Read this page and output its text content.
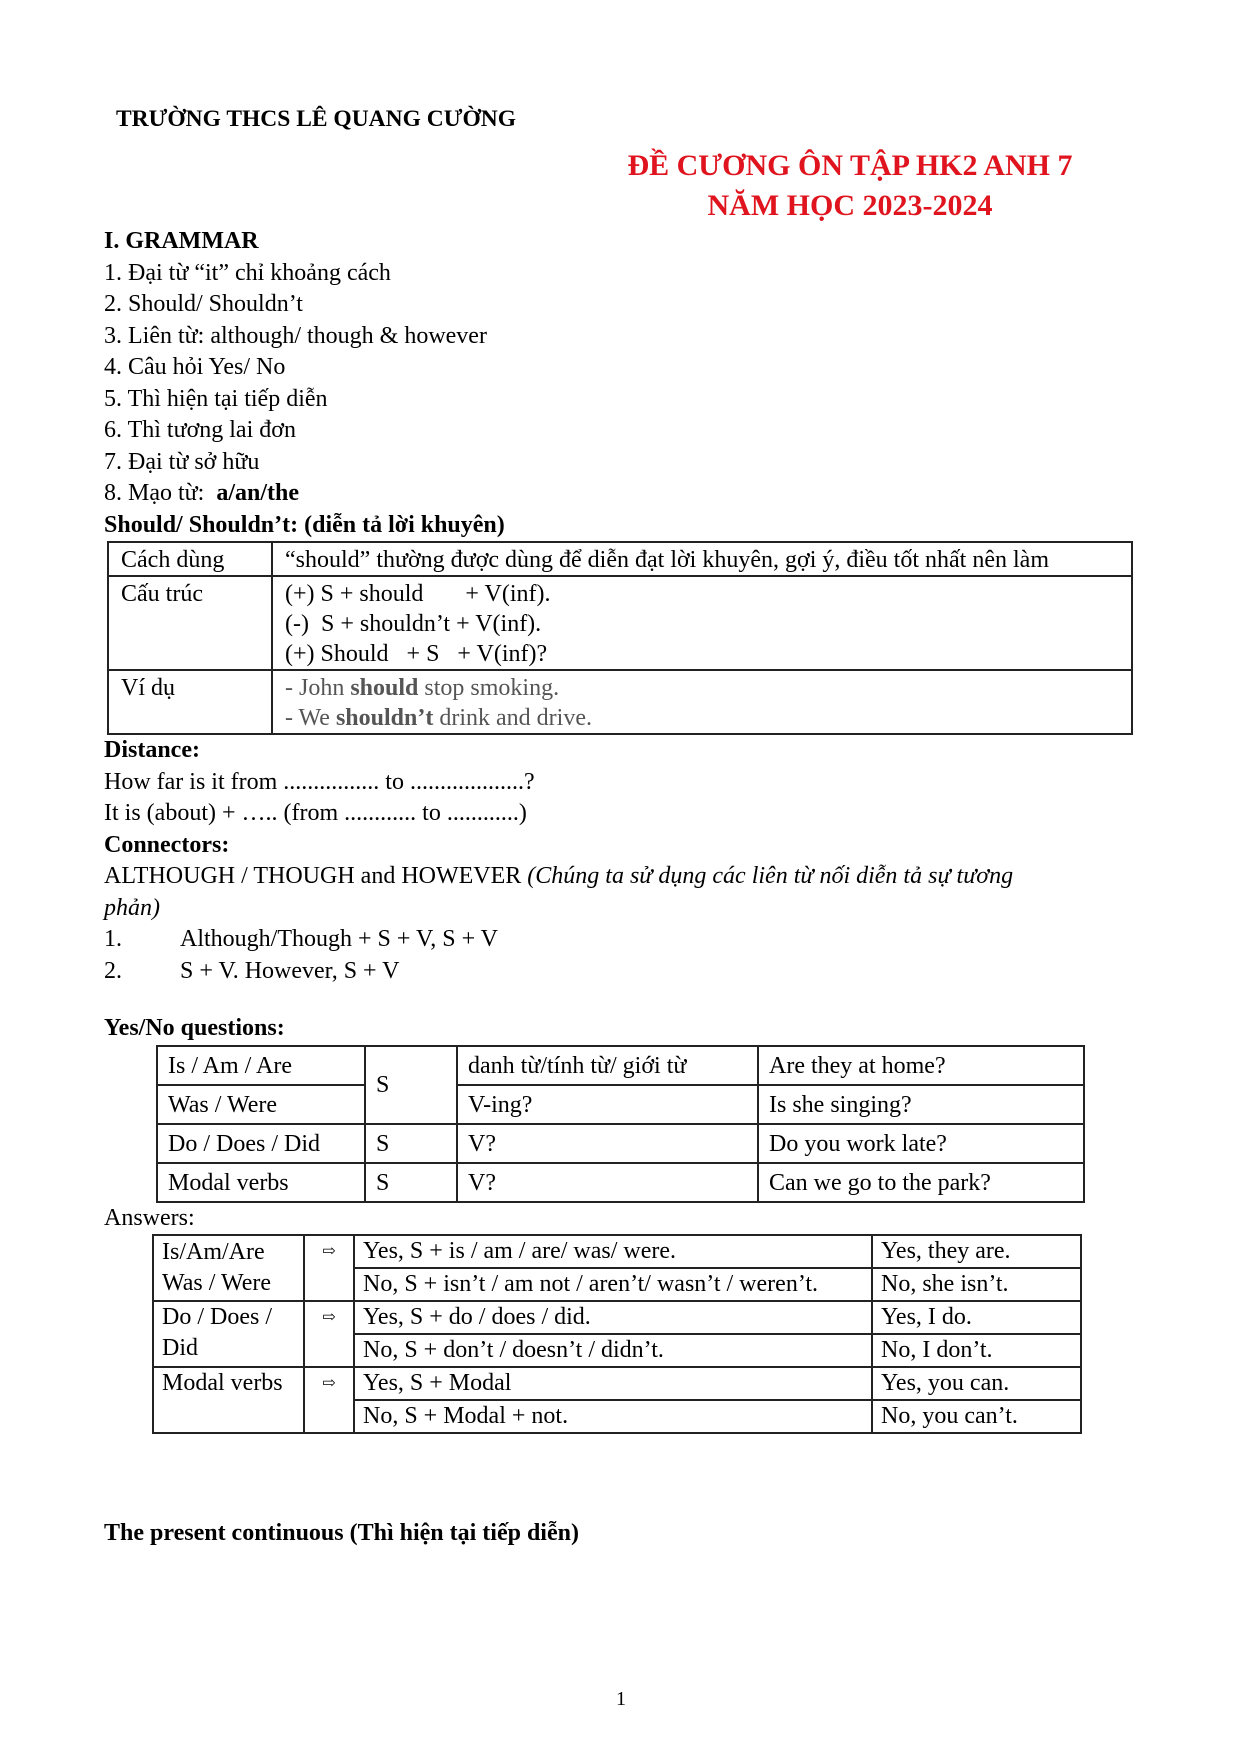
TRƯỜNG THCS LÊ QUANG CƯỜNG
ĐỀ CƯƠNG ÔN TẬP HK2 ANH 7
NĂM HỌC 2023-2024
I. GRAMMAR
1. Đại từ “it” chỉ khoảng cách
2. Should/ Shouldn’t
3. Liên từ: although/ though & however
4. Câu hỏi Yes/ No
5. Thì hiện tại tiếp diễn
6. Thì tương lai đơn
7. Đại từ sở hữu
8. Mạo từ:  a/an/the
Should/ Shouldn’t: (diễn tả lời khuyên)
Cách dùng	“should” thường được dùng để diễn đạt lời khuyên, gợi ý, điều tốt nhất nên làm
Cấu trúc	(+) S + should       + V(inf).
(-)  S + shouldn’t + V(inf).
(+) Should   + S   + V(inf)?

Ví dụ	- John should stop smoking.
- We shouldn’t drink and drive.
Distance:
How far is it from ................ to ...................?
It is (about) + ….. (from ............ to ............)
Connectors:
ALTHOUGH / THOUGH and HOWEVER (Chúng ta sử dụng các liên từ nối diễn tả sự tương
phản)
1. Although/Though + S + V, S + V
2. S + V. However, S + V
Yes/No questions:
Is / Am / Are	S	danh từ/tính từ/ giới từ	Are they at home?
Was / Were		V-ing?	Is she singing?
Do / Does / Did	S	V?	Do you work late?
Modal verbs	S	V?	Can we go to the park?
Answers:
Is/Am/Are Was / Were	⇨	Yes, S + is / am / are/ was/ were.	Yes, they are.
		No, S + isn’t / am not / aren’t/ wasn’t / weren’t.	No, she isn’t.
Do / Does / Did	⇨	Yes, S + do / does / did.	Yes, I do.
		No, S + don’t / doesn’t / didn’t.	No, I don’t.
Modal verbs	⇨	Yes, S + Modal	Yes, you can.
		No, S + Modal + not.	No, you can’t.
The present continuous (Thì hiện tại tiếp diễn)
1
